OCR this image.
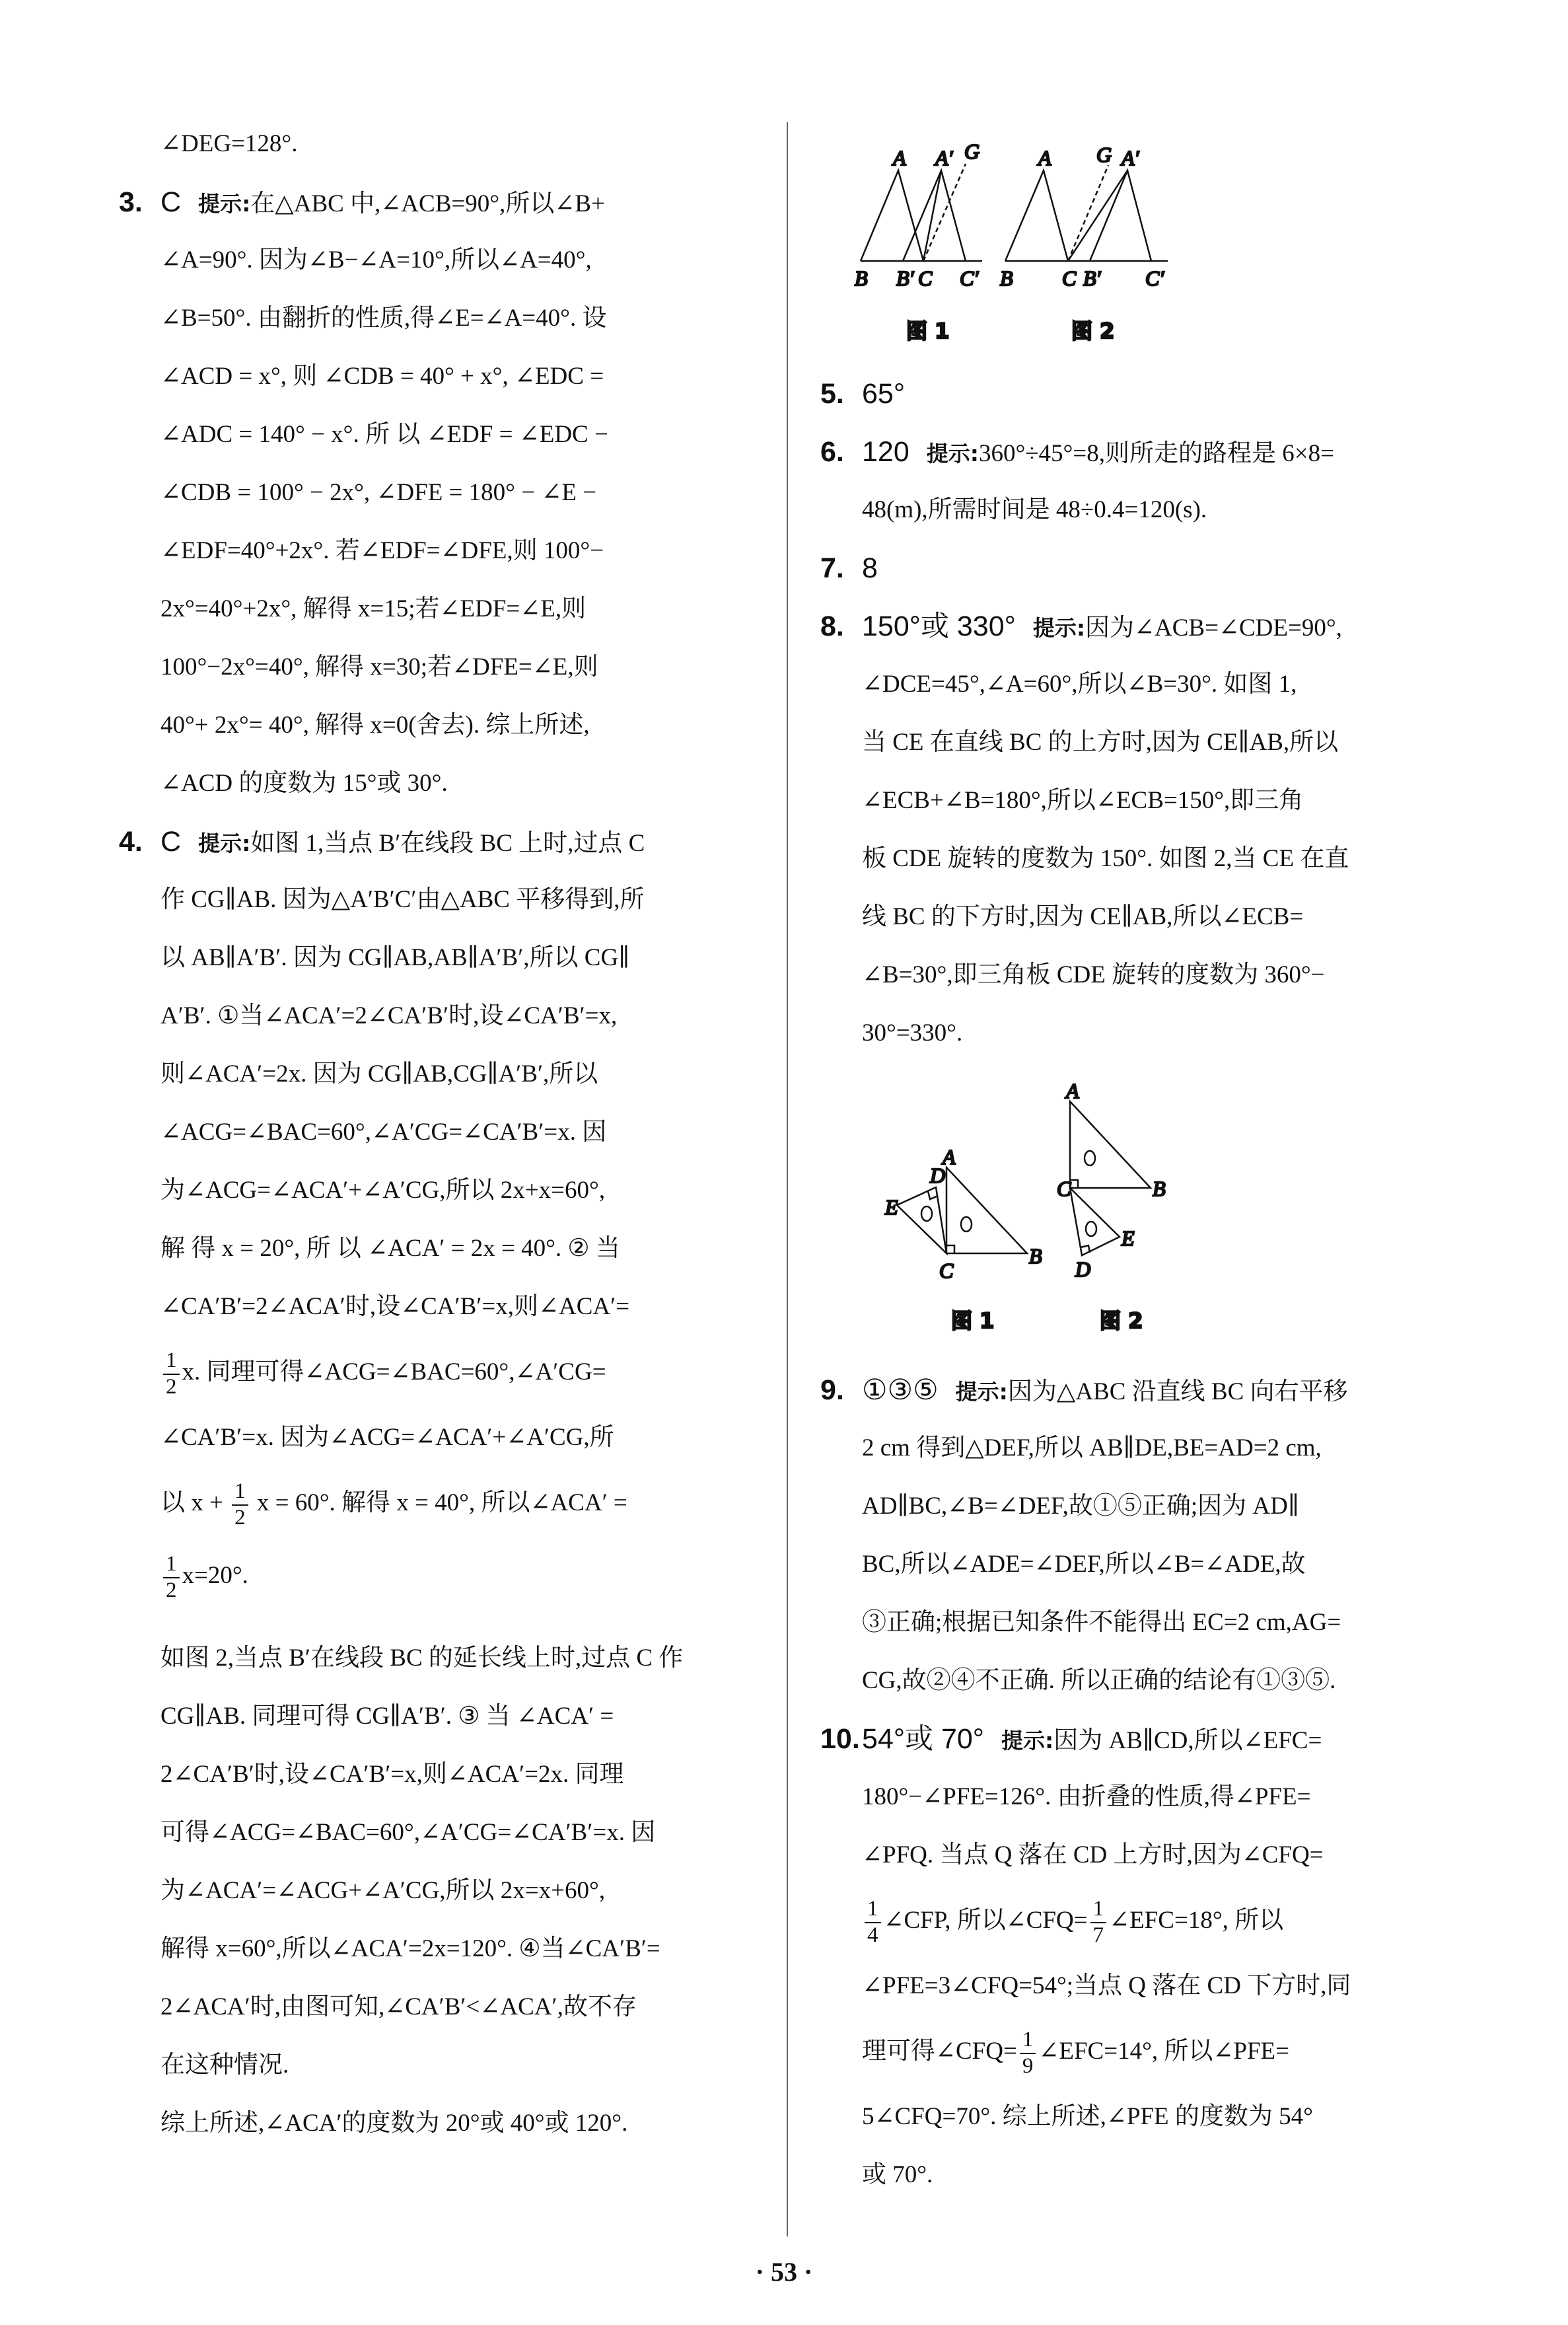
∠DEG=128°.
3. C 提示:在△ABC 中,∠ACB=90°,所以∠B+
∠A=90°. 因为∠B−∠A=10°,所以∠A=40°,
∠B=50°. 由翻折的性质,得∠E=∠A=40°. 设
∠ACD = x°, 则 ∠CDB = 40° + x°, ∠EDC =
∠ADC = 140° − x°. 所 以 ∠EDF = ∠EDC −
∠CDB = 100° − 2x°, ∠DFE = 180° − ∠E −
∠EDF=40°+2x°. 若∠EDF=∠DFE,则 100°−
2x°=40°+2x°, 解得 x=15;若∠EDF=∠E,则
100°−2x°=40°, 解得 x=30;若∠DFE=∠E,则
40°+ 2x°= 40°, 解得 x=0(舍去). 综上所述,
∠ACD 的度数为 15°或 30°.
4. C 提示:如图 1,当点 B′在线段 BC 上时,过点 C
作 CG∥AB. 因为△A′B′C′由△ABC 平移得到,所
以 AB∥A′B′. 因为 CG∥AB,AB∥A′B′,所以 CG∥
A′B′. ①当∠ACA′=2∠CA′B′时,设∠CA′B′=x,
则∠ACA′=2x. 因为 CG∥AB,CG∥A′B′,所以
∠ACG=∠BAC=60°,∠A′CG=∠CA′B′=x. 因
为∠ACG=∠ACA′+∠A′CG,所以 2x+x=60°,
解 得 x = 20°, 所 以 ∠ACA′ = 2x = 40°. ② 当
∠CA′B′=2∠ACA′时,设∠CA′B′=x,则∠ACA′=
$\frac{1}{2} x$. 同理可得∠ACG=∠BAC=60°,∠A′CG=
∠CA′B′=x. 因为∠ACG=∠ACA′+∠A′CG,所
以 $x + \frac{1}{2}$ x = 60°. 解得 x = 40°, 所以∠ACA′ =
$\frac{1}{2} x=20^\circ$.
如图 2,当点 B′在线段 BC 的延长线上时,过点 C 作
CG∥AB. 同理可得 CG∥A′B′. ③ 当 ∠ACA′ =
2∠CA′B′时,设∠CA′B′=x,则∠ACA′=2x. 同理
可得∠ACG=∠BAC=60°,∠A′CG=∠CA′B′=x. 因
为∠ACA′=∠ACG+∠A′CG,所以 2x=x+60°,
解得 x=60°,所以∠ACA′=2x=120°. ④当∠CA′B′=
2∠ACA′时,由图可知,∠CA′B′<∠ACA′,故不存
在这种情况.
综上所述,∠ACA′的度数为 20°或 40°或 120°.
5. 65°
6. 120 提示:360°÷45°=8,则所走的路程是 6×8=
48(m),所需时间是 48÷0.4=120(s).
7. 8
8. 150°或 330° 提示:因为∠ACB=∠CDE=90°,
∠DCE=45°,∠A=60°,所以∠B=30°. 如图 1,
当 CE 在直线 BC 的上方时,因为 CE∥AB,所以
∠ECB+∠B=180°,所以∠ECB=150°,即三角
板 CDE 旋转的度数为 150°. 如图 2,当 CE 在直
线 BC 的下方时,因为 CE∥AB,所以∠ECB=
∠B=30°,即三角板 CDE 旋转的度数为 360°−
30°=330°.
9. ①③⑤ 提示:因为△ABC 沿直线 BC 向右平移
2 cm 得到△DEF,所以 AB∥DE,BE=AD=2 cm,
AD∥BC,∠B=∠DEF,故①⑤正确;因为 AD∥
BC,所以∠ADE=∠DEF,所以∠B=∠ADE,故
③正确;根据已知条件不能得出 EC=2 cm,AG=
CG,故②④不正确. 所以正确的结论有①③⑤.
10. 54°或 70° 提示:因为 AB∥CD,所以∠EFC=
180°−∠PFE=126°. 由折叠的性质,得∠PFE=
∠PFQ. 当点 Q 落在 CD 上方时,因为∠CFQ=
$\frac{1}{4}$ ∠CFP, 所以∠CFQ= $\frac{1}{7}$ ∠EFC=18°, 所以
∠PFE=3∠CFQ=54°;当点 Q 落在 CD 下方时,同
理可得∠CFQ= $\frac{1}{9}$ ∠EFC=14°, 所以∠PFE=
5∠CFQ=70°. 综上所述,∠PFE 的度数为 54°
或 70°.
A A′ G
B B′ C C′
图 1
A	A′
G
B C B′ C′
图 2
A
D
E
C
B
图 1
A
C	B
E
D
图 2
· 53 ·
